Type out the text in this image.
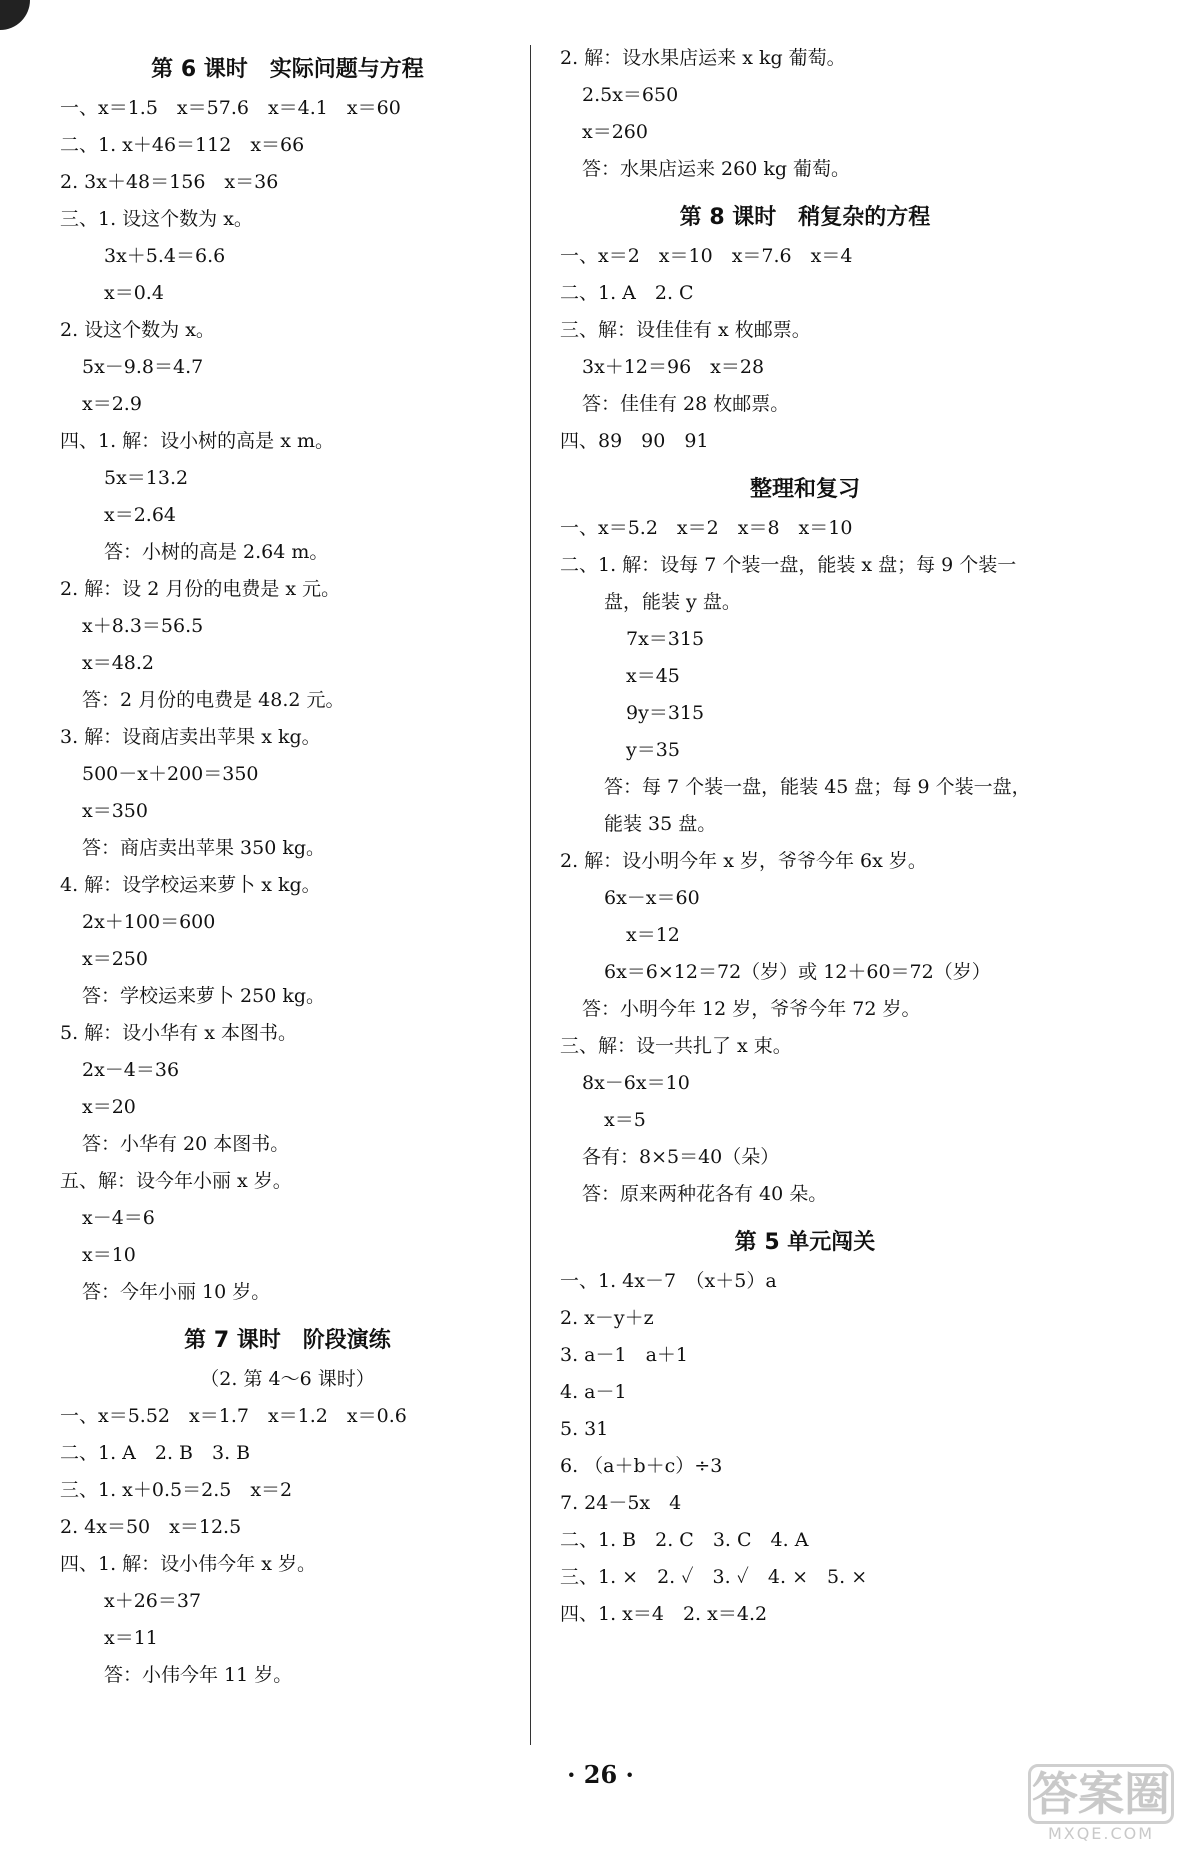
第 6 课时　实际问题与方程
一、x＝1.5　x＝57.6　x＝4.1　x＝60
二、1. x＋46＝112　x＝66
2. 3x＋48＝156　x＝36
三、1. 设这个数为 x。
3x＋5.4＝6.6
x＝0.4
2. 设这个数为 x。
5x－9.8＝4.7
x＝2.9
四、1. 解：设小树的高是 x m。
5x＝13.2
x＝2.64
答：小树的高是 2.64 m。
2. 解：设 2 月份的电费是 x 元。
x＋8.3＝56.5
x＝48.2
答：2 月份的电费是 48.2 元。
3. 解：设商店卖出苹果 x kg。
500－x＋200＝350
x＝350
答：商店卖出苹果 350 kg。
4. 解：设学校运来萝卜 x kg。
2x＋100＝600
x＝250
答：学校运来萝卜 250 kg。
5. 解：设小华有 x 本图书。
2x－4＝36
x＝20
答：小华有 20 本图书。
五、解：设今年小丽 x 岁。
x－4＝6
x＝10
答：今年小丽 10 岁。
第 7 课时　阶段演练
（2. 第 4～6 课时）
一、x＝5.52　x＝1.7　x＝1.2　x＝0.6
二、1. A　2. B　3. B
三、1. x＋0.5＝2.5　x＝2
2. 4x＝50　x＝12.5
四、1. 解：设小伟今年 x 岁。
x＋26＝37
x＝11
答：小伟今年 11 岁。
2. 解：设水果店运来 x kg 葡萄。
2.5x＝650
x＝260
答：水果店运来 260 kg 葡萄。
第 8 课时　稍复杂的方程
一、x＝2　x＝10　x＝7.6　x＝4
二、1. A　2. C
三、解：设佳佳有 x 枚邮票。
3x＋12＝96　x＝28
答：佳佳有 28 枚邮票。
四、89　90　91
整理和复习
一、x＝5.2　x＝2　x＝8　x＝10
二、1. 解：设每 7 个装一盘，能装 x 盘；每 9 个装一
盘，能装 y 盘。
7x＝315
x＝45
9y＝315
y＝35
答：每 7 个装一盘，能装 45 盘；每 9 个装一盘，
能装 35 盘。
2. 解：设小明今年 x 岁，爷爷今年 6x 岁。
6x－x＝60
x＝12
6x＝6×12＝72（岁）或 12＋60＝72（岁）
答：小明今年 12 岁，爷爷今年 72 岁。
三、解：设一共扎了 x 束。
8x－6x＝10
x＝5
各有：8×5＝40（朵）
答：原来两种花各有 40 朵。
第 5 单元闯关
一、1. 4x－7　（x＋5）a
2. x－y＋z
3. a－1　a＋1
4. a－1
5. 31
6. （a＋b＋c）÷3
7. 24－5x　4
二、1. B　2. C　3. C　4. A
三、1. ×　2. ✓　3. ✓　4. ×　5. ×
四、1. x＝4　2. x＝4.2
· 26 ·	答案圈
MXQE.COM
